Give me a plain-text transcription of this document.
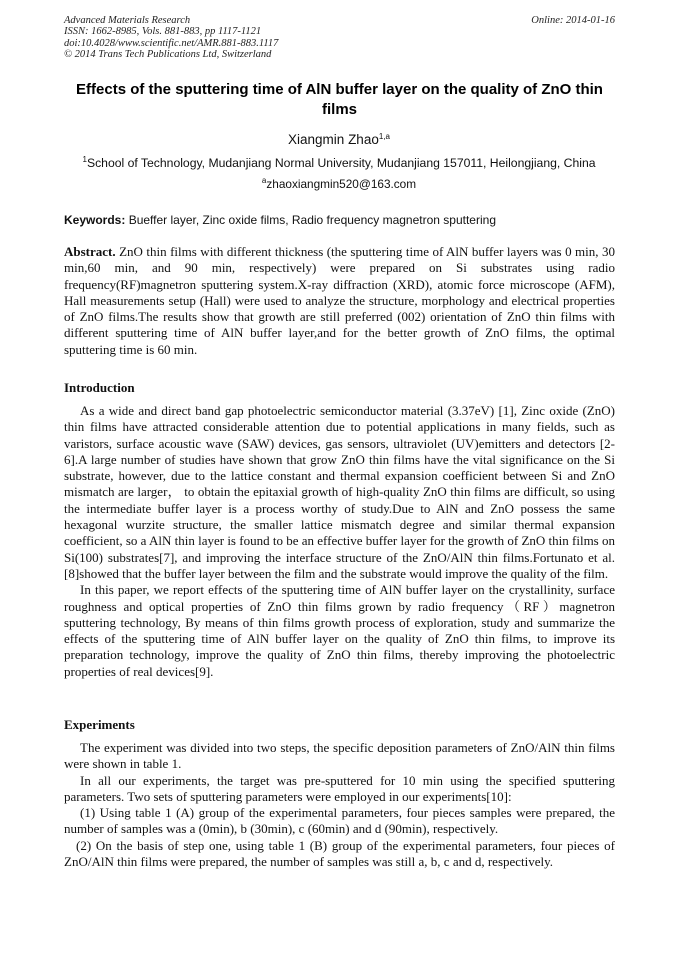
Advanced Materials Research
ISSN: 1662-8985, Vols. 881-883, pp 1117-1121
doi:10.4028/www.scientific.net/AMR.881-883.1117
© 2014 Trans Tech Publications Ltd, Switzerland
Online: 2014-01-16
Effects of the sputtering time of AlN buffer layer on the quality of ZnO thin films
Xiangmin Zhao$^{1,a}$
$^1$School of Technology, Mudanjiang Normal University, Mudanjiang 157011, Heilongjiang, China
$^a$zhaoxiangmin520@163.com
Keywords: Bueffer layer, Zinc oxide films, Radio frequency magnetron sputtering

Abstract. ZnO thin films with different thickness (the sputtering time of AlN buffer layers was 0 min, 30 min,60 min, and 90 min, respectively) were prepared on Si substrates using radio frequency(RF)magnetron sputtering system.X-ray diffraction (XRD), atomic force microscope (AFM), Hall measurements setup (Hall) were used to analyze the structure, morphology and electrical properties of ZnO films.The results show that growth are still preferred (002) orientation of ZnO thin films with different sputtering time of AlN buffer layer,and for the better growth of ZnO films, the optimal sputtering time is 60 min.

Introduction

As a wide and direct band gap photoelectric semiconductor material (3.37eV) [1], Zinc oxide (ZnO) thin films have attracted considerable attention due to potential applications in many fields, such as varistors, surface acoustic wave (SAW) devices, gas sensors, ultraviolet (UV)emitters and detectors [2-6].A large number of studies have shown that grow ZnO thin films have the vital significance on the Si substrate, however, due to the lattice constant and thermal expansion coefficient between Si and ZnO mismatch are larger， to obtain the epitaxial growth of high-quality ZnO thin films are difficult, so using the intermediate buffer layer is a process worthy of study.Due to AlN and ZnO possess the same hexagonal wurzite structure, the smaller lattice mismatch degree and similar thermal expansion coefficient, so a AlN thin layer is found to be an effective buffer layer for the growth of ZnO thin films on Si(100) substrates[7], and improving the interface structure of the ZnO/AlN thin films.Fortunato et al.[8]showed that the buffer layer between the film and the substrate would improve the quality of the film.

In this paper, we report effects of the sputtering time of AlN buffer layer on the crystallinity, surface roughness and optical properties of ZnO thin films grown by radio frequency（RF）magnetron sputtering technology, By means of thin films growth process of exploration, study and summarize the effects of the sputtering time of AlN buffer layer on the quality of ZnO thin films, to improve its preparation technology, improve the quality of ZnO thin films, thereby improving the photoelectric properties of real devices[9].

Experiments

The experiment was divided into two steps, the specific deposition parameters of ZnO/AlN thin films were shown in table 1.

In all our experiments, the target was pre-sputtered for 10 min using the specified sputtering parameters. Two sets of sputtering parameters were employed in our experiments[10]:

(1) Using table 1 (A) group of the experimental parameters, four pieces samples were prepared, the number of samples was a (0min), b (30min), c (60min) and d (90min), respectively.

(2) On the basis of step one, using table 1 (B) group of the experimental parameters, four pieces of ZnO/AlN thin films were prepared, the number of samples was still a, b, c and d, respectively.
